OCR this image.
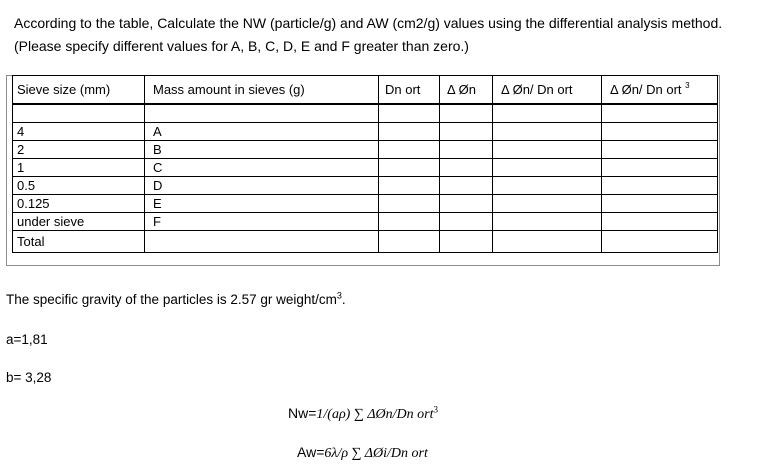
According to the table, Calculate the NW (particle/g) and AW (cm2/g) values using the differential analysis method. (Please specify different values for A, B, C, D, E and F greater than zero.)

Sieve size (mm)	Mass amount in sieves (g)	Dn ort	Δ Øn	Δ Øn/ Dn ort	Δ Øn/ Dn ort $^3$

4	A				
2	B				
1	C				
0.5	D				
0.125	E				
under sieve	F				
Total					

The specific gravity of the particles is 2.57 gr weight/$cm^3$.

a=1,81

b= 3,28

Nw=1/(aρ) ∑ ΔØn/Dn ort$^3$

Aw=6λ/ρ ∑ ΔØi/Dn ort
